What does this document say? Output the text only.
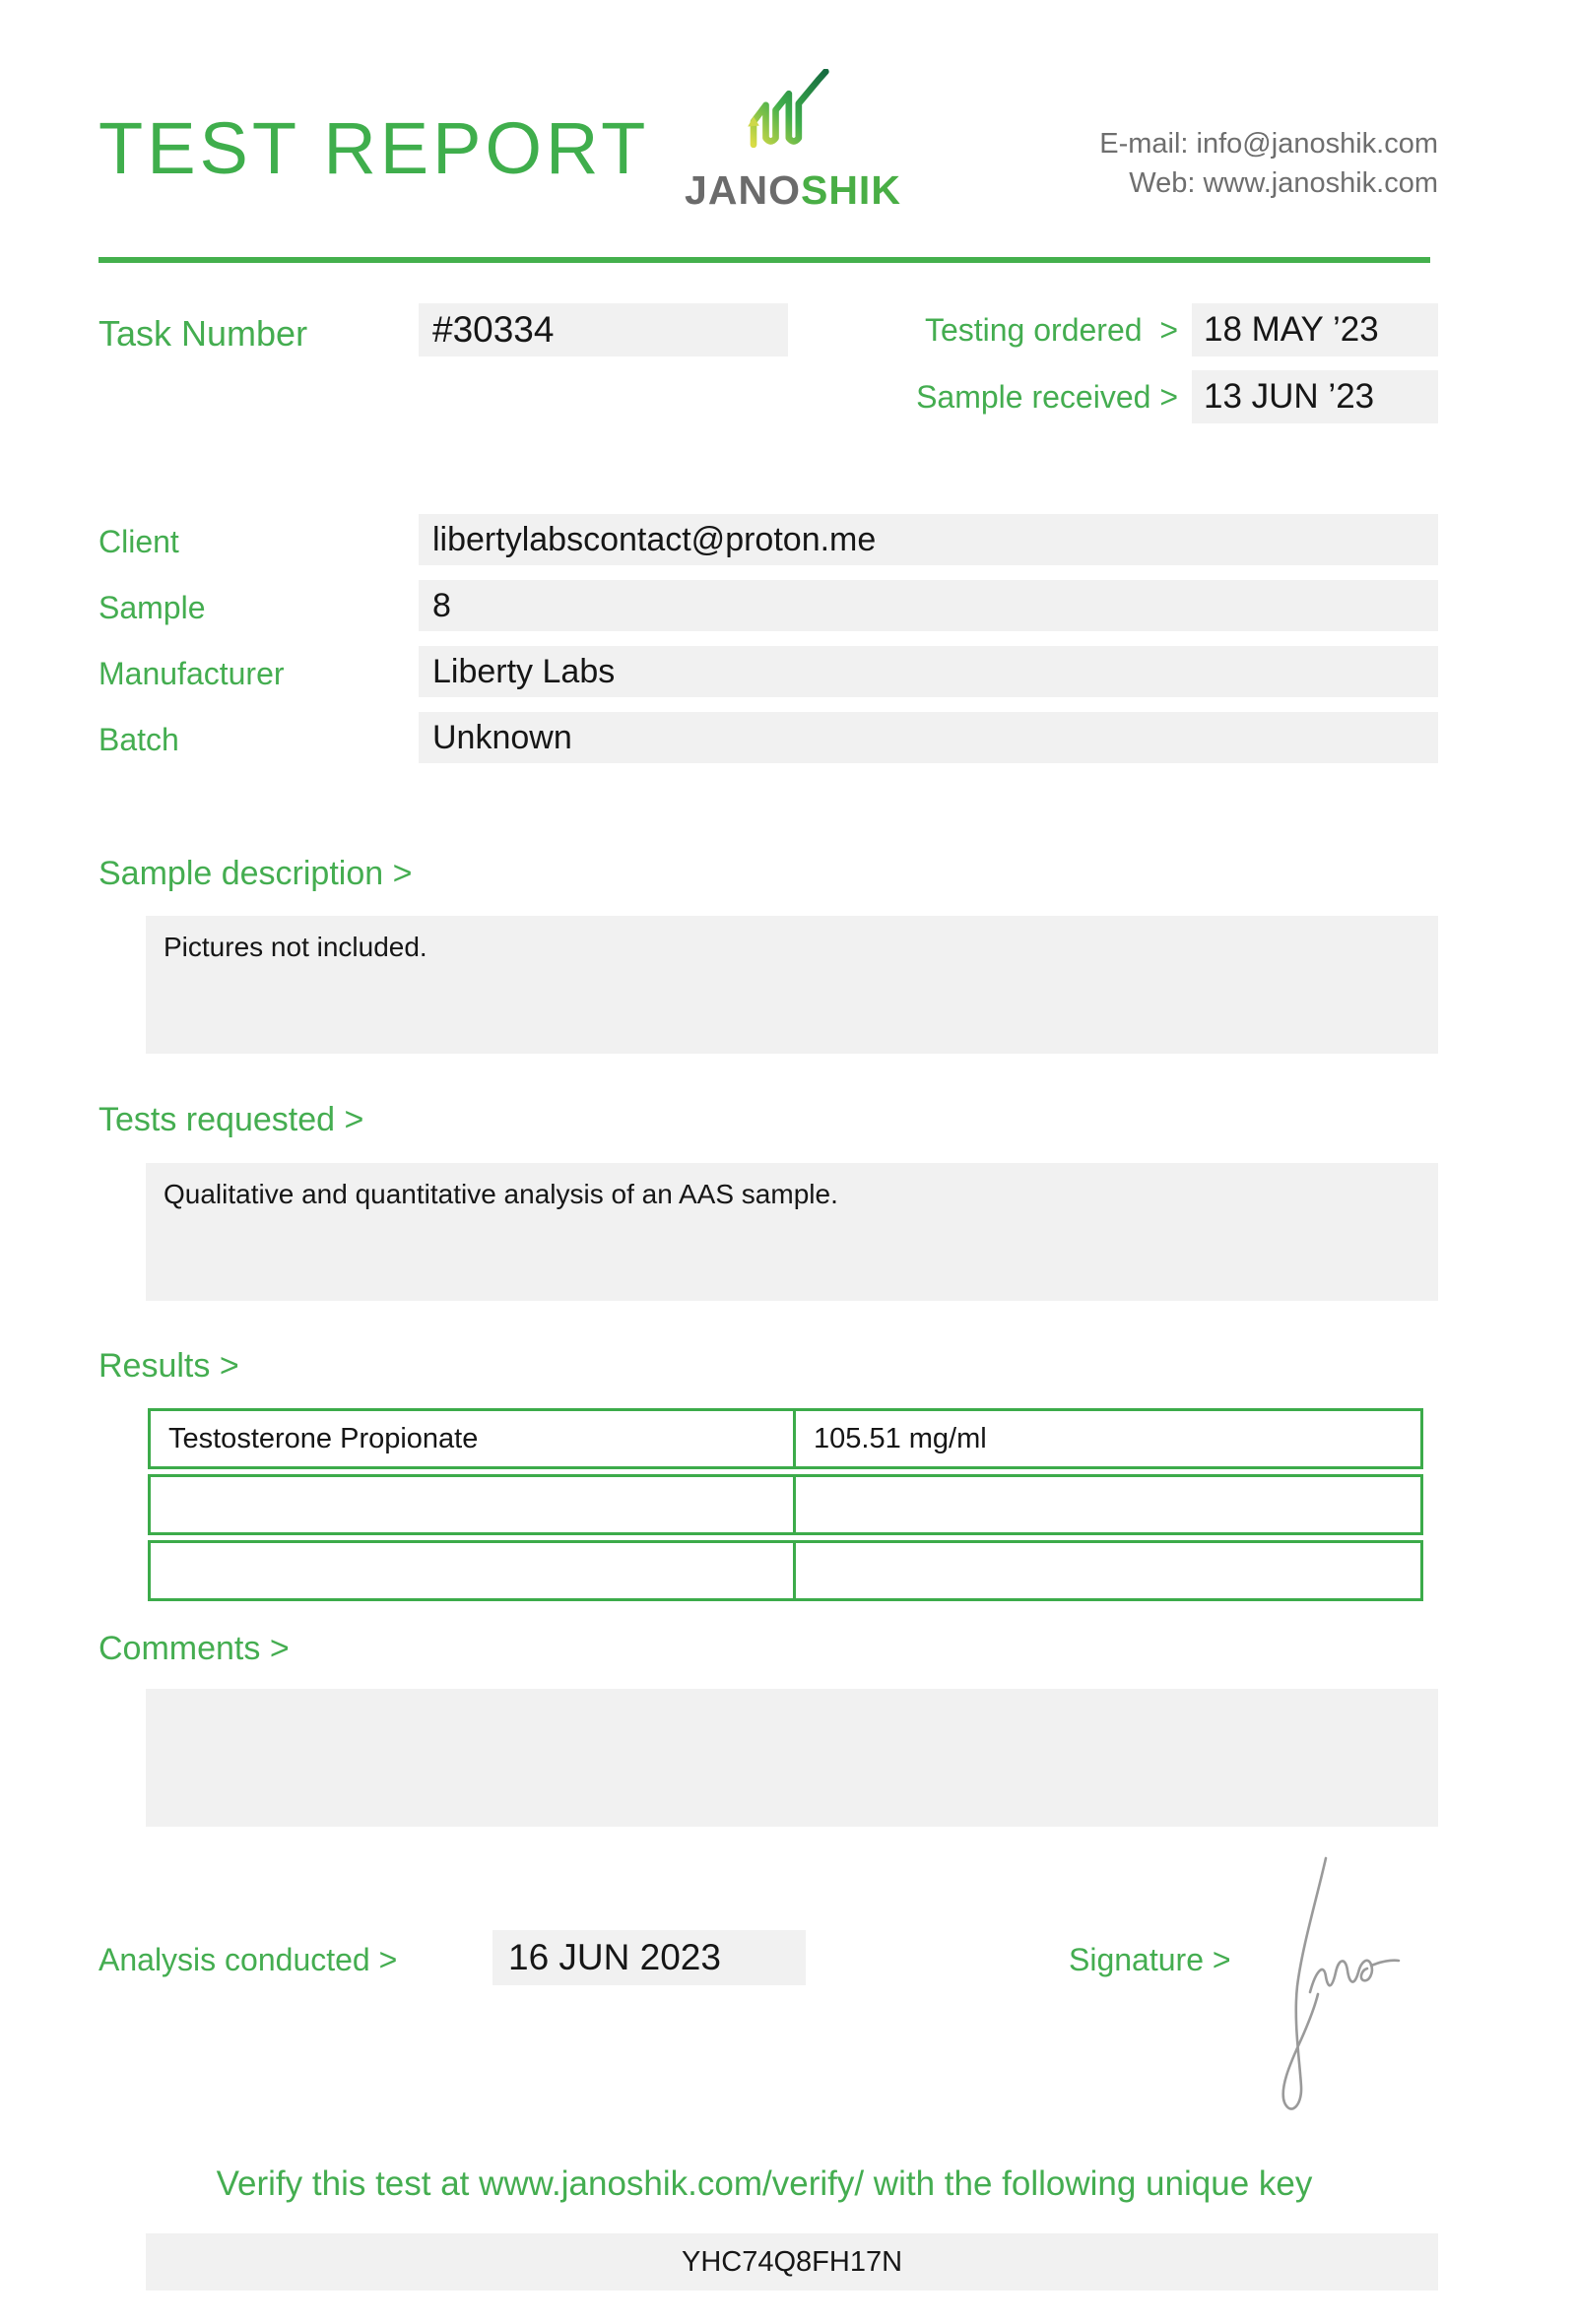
TEST REPORT
JANOSHIK
E-mail: info@janoshik.com
Web: www.janoshik.com
Task Number	#30334	Testing ordered > 18 MAY ’23
Sample received > 13 JUN ’23
Client	libertylabscontact@proton.me
Sample	8
Manufacturer	Liberty Labs
Batch	Unknown
Sample description >
Pictures not included.
Tests requested >
Qualitative and quantitative analysis of an AAS sample.
Results >
Testosterone Propionate	105.51 mg/ml
Comments >
Analysis conducted >	16 JUN 2023	Signature >
Verify this test at www.janoshik.com/verify/ with the following unique key
YHC74Q8FH17N
